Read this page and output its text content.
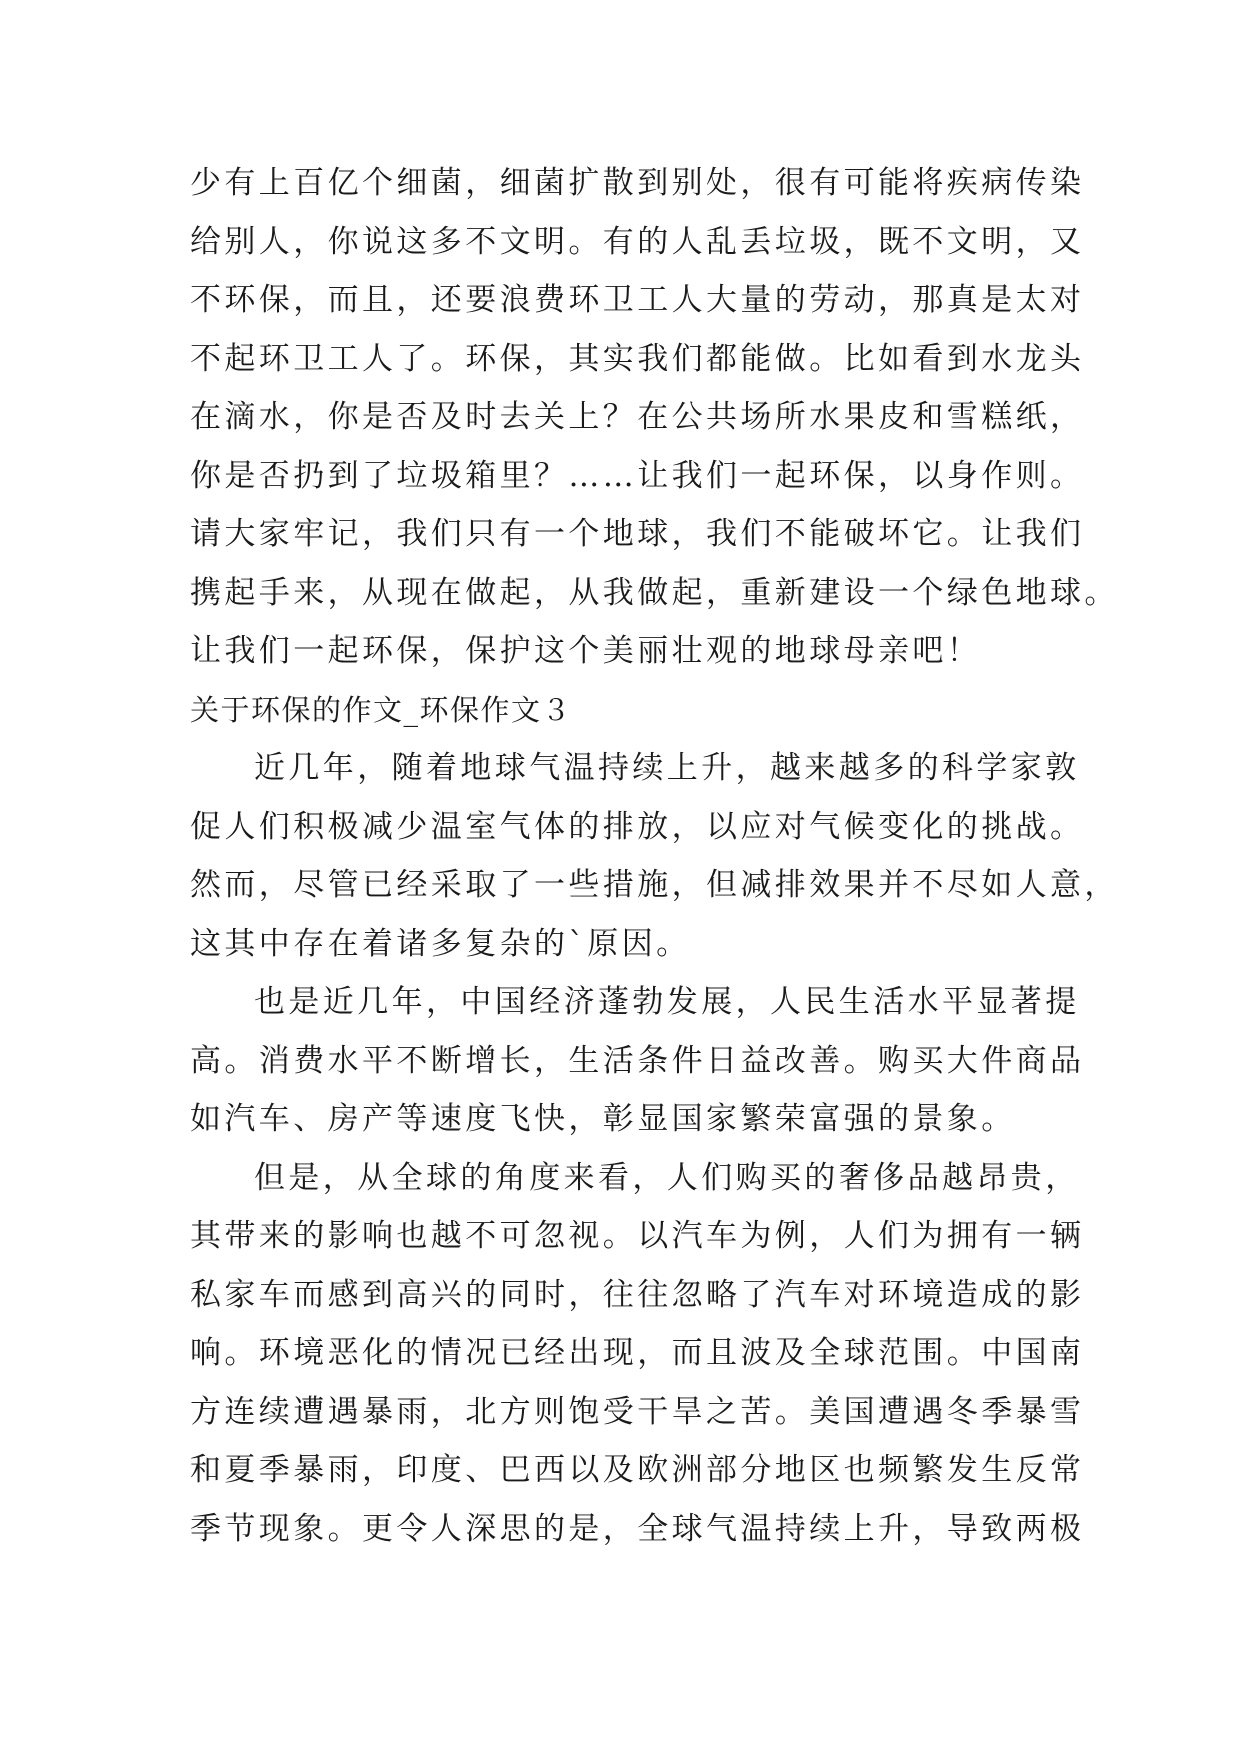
少有上百亿个细菌，细菌扩散到别处，很有可能将疾病传染
给别人，你说这多不文明。有的人乱丢垃圾，既不文明，又
不环保，而且，还要浪费环卫工人大量的劳动，那真是太对
不起环卫工人了。环保，其实我们都能做。比如看到水龙头
在滴水，你是否及时去关上？在公共场所水果皮和雪糕纸，
你是否扔到了垃圾箱里？……让我们一起环保，以身作则。
请大家牢记，我们只有一个地球，我们不能破坏它。让我们
携起手来，从现在做起，从我做起，重新建设一个绿色地球。
让我们一起环保，保护这个美丽壮观的地球母亲吧！
关于环保的作文_环保作文３
近几年，随着地球气温持续上升，越来越多的科学家敦
促人们积极减少温室气体的排放，以应对气候变化的挑战。
然而，尽管已经采取了一些措施，但减排效果并不尽如人意，
这其中存在着诸多复杂的`原因。
也是近几年，中国经济蓬勃发展，人民生活水平显著提
高。消费水平不断增长，生活条件日益改善。购买大件商品
如汽车、房产等速度飞快，彰显国家繁荣富强的景象。
但是，从全球的角度来看，人们购买的奢侈品越昂贵，
其带来的影响也越不可忽视。以汽车为例，人们为拥有一辆
私家车而感到高兴的同时，往往忽略了汽车对环境造成的影
响。环境恶化的情况已经出现，而且波及全球范围。中国南
方连续遭遇暴雨，北方则饱受干旱之苦。美国遭遇冬季暴雪
和夏季暴雨，印度、巴西以及欧洲部分地区也频繁发生反常
季节现象。更令人深思的是，全球气温持续上升，导致两极
